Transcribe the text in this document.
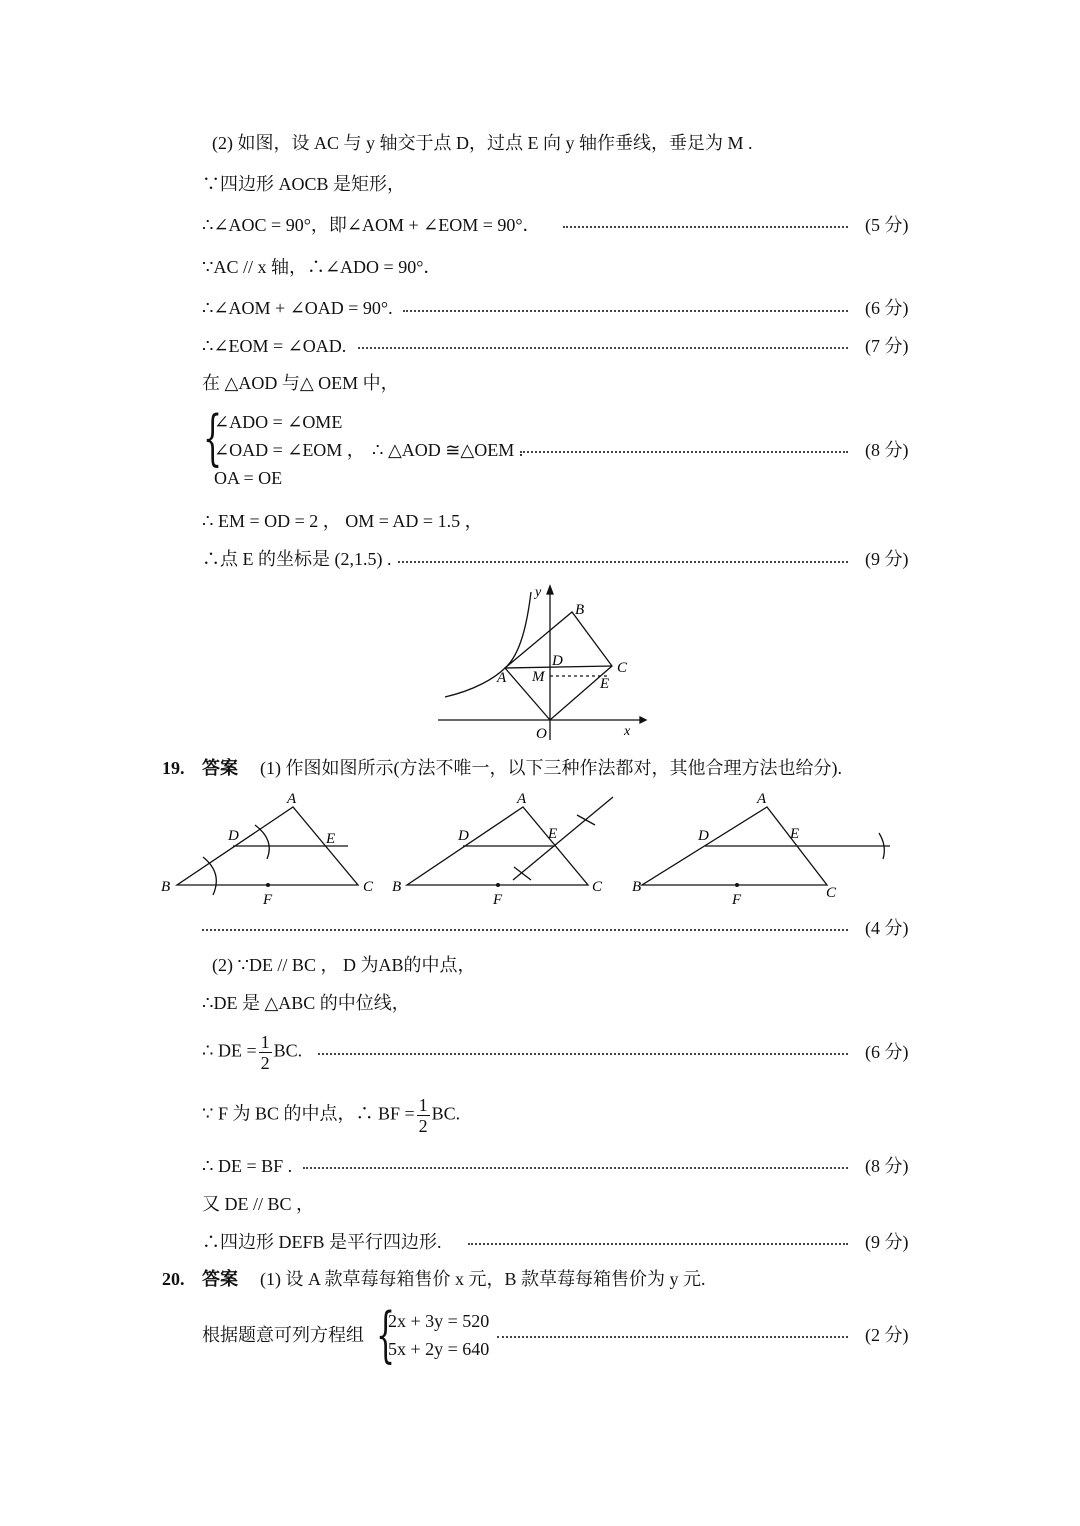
(2) 如图，设 AC 与 y 轴交于点 D，过点 E 向 y 轴作垂线，垂足为 M .
∵四边形 AOCB 是矩形，
∴∠AOC = 90°，即∠AOM + ∠EOM = 90°．	(5 分)
∵AC // x 轴，∴∠ADO = 90°．
∴∠AOM + ∠OAD = 90°.	(6 分)
∴∠EOM = ∠OAD.	(7 分)
在 △AOD 与△ OEM 中，
{
∠ADO = ∠OME
∠OAD = ∠EOM ，
OA = OE
∴ △AOD ≅△OEM .	(8 分)
∴ EM = OD = 2 ， OM = AD = 1.5 ，
∴点 E 的坐标是 (2,1.5) .	(9 分)
y
x
O
A
B
C
D
E
M
19. 答案 (1) 作图如图所示(方法不唯一，以下三种作法都对，其他合理方法也给分).
A
B	C
D	E
F
A
B	C
D	E
F
A
B	C
D	E
F
(4 分)
(2) ∵DE // BC ， D 为AB的中点，
∴DE 是 △ABC 的中位线，
∴ DE = $\frac{1}{2}$ BC.	(6 分)
∵ F 为 BC 的中点，∴ BF = $\frac{1}{2}$ BC.
∴ DE = BF .	(8 分)
又 DE // BC ，
∴四边形 DEFB 是平行四边形.	(9 分)
20. 答案 (1) 设 A 款草莓每箱售价 x 元，B 款草莓每箱售价为 y 元.
根据题意可列方程组 {
2x + 3y = 520
5x + 2y = 640
(2 分)
